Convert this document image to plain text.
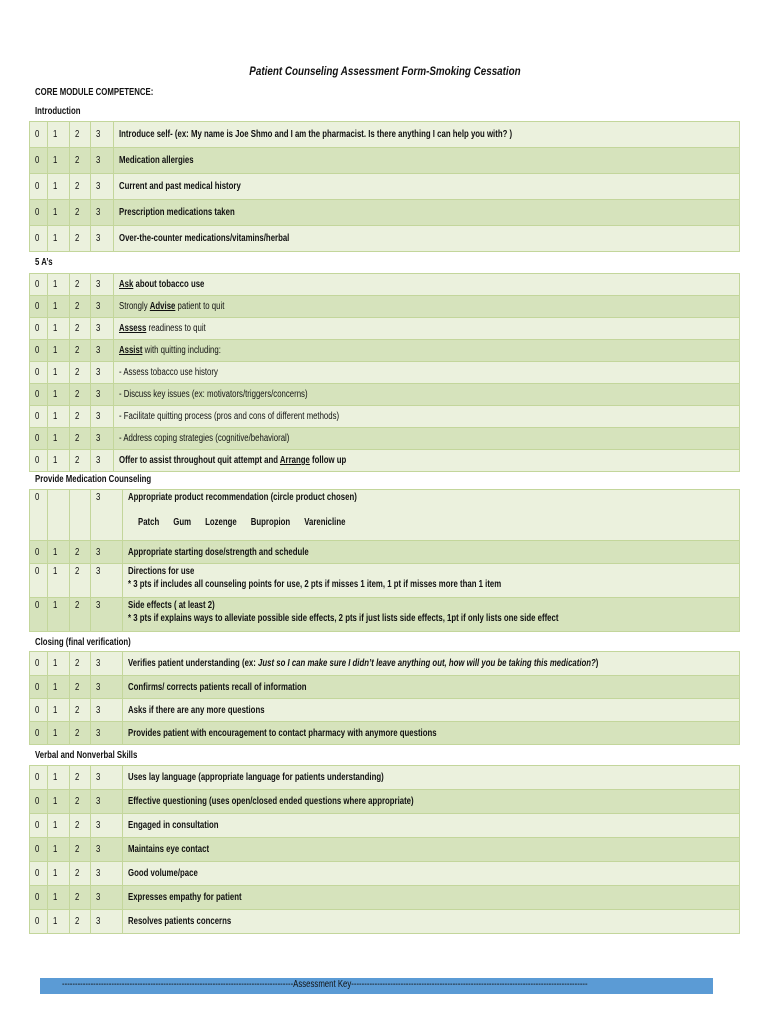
Patient Counseling Assessment Form-Smoking Cessation
CORE MODULE COMPETENCE:
Introduction
0	1	2	3	Introduce self- (ex: My name is Joe Shmo and I am the pharmacist. Is there anything I can help you with? )
0	1	2	3	Medication allergies
0	1	2	3	Current and past medical history
0	1	2	3	Prescription medications taken
0	1	2	3	Over-the-counter medications/vitamins/herbal
5 A’s
0	1	2	3	Ask about tobacco use
0	1	2	3	Strongly Advise patient to quit
0	1	2	3	Assess readiness to quit
0	1	2	3	Assist with quitting including:
0	1	2	3	- Assess tobacco use history
0	1	2	3	- Discuss key issues (ex: motivators/triggers/concerns)
0	1	2	3	- Facilitate quitting process (pros and cons of different methods)
0	1	2	3	- Address coping strategies (cognitive/behavioral)
0	1	2	3	Offer to assist throughout quit attempt and Arrange follow up
Provide Medication Counseling
0			3	Appropriate product recommendation (circle product chosen)
Patch Gum Lozenge Bupropion Varenicline

0	1	2	3	Appropriate starting dose/strength and schedule
0	1	2	3	Directions for use
* 3 pts if includes all counseling points for use, 2 pts if misses 1 item, 1 pt if misses more than 1 item

0	1	2	3	Side effects ( at least 2)
* 3 pts if explains ways to alleviate possible side effects, 2 pts if just lists side effects, 1pt if only lists one side effect
Closing (final verification)
0	1	2	3	Verifies patient understanding (ex: Just so I can make sure I didn’t leave anything out, how will you be taking this medication?)
0	1	2	3	Confirms/ corrects patients recall of information
0	1	2	3	Asks if there are any more questions
0	1	2	3	Provides patient with encouragement to contact pharmacy with anymore questions
Verbal and Nonverbal Skills
0	1	2	3	Uses lay language (appropriate language for patients understanding)
0	1	2	3	Effective questioning (uses open/closed ended questions where appropriate)
0	1	2	3	Engaged in consultation
0	1	2	3	Maintains eye contact
0	1	2	3	Good volume/pace
0	1	2	3	Expresses empathy for patient
0	1	2	3	Resolves patients concerns
-----------------------------------------------------------------------------------------Assessment Key-------------------------------------------------------------------------------------------
